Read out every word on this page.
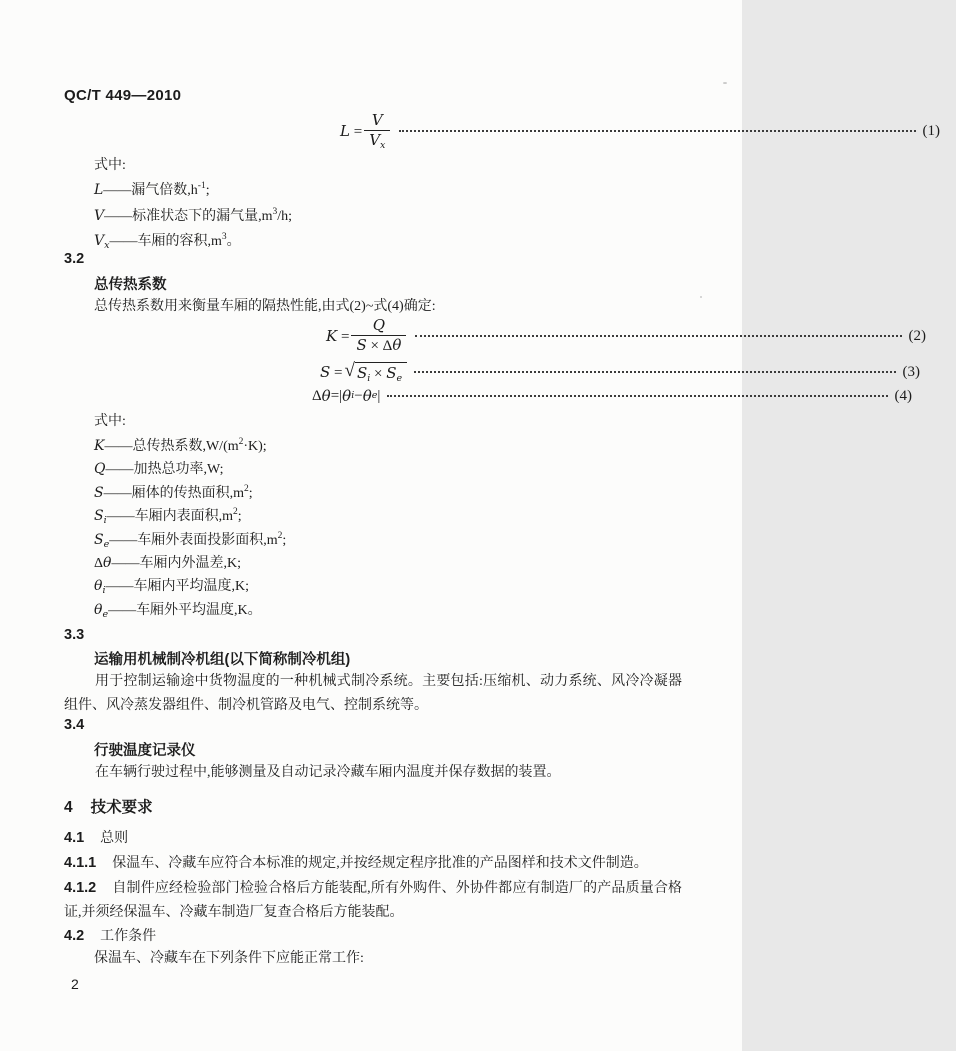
QC/T 449—2010
$L = \frac{V}{V_x}$	(1)
式中:
L——漏气倍数$,h^{-1}$;
V——标准状态下的漏气量$,m^3/h$;
$V_x——$车厢的容积$,m^3$。
3.2
总传热系数
总传热系数用来衡量车厢的隔热性能,由式(2)~式(4)确定:
$K = \frac{Q}{S \times \Delta\theta}$	(2)
S = √ $S_i \times S_e$	(3)
Δ θ =| θ i − θ e |	(4)
式中:
K——总传热系数$,W/(m^2\cdot K)$;
Q——加热总功率,W;
S——厢体的传热面积$,m^2$;
$S_i——$车厢内表面积$,m^2$;
$S_e——$车厢外表面投影面积$,m^2$;
Δθ——车厢内外温差,K;
$\theta_i——$车厢内平均温度,K;
$\theta_e——$车厢外平均温度,K。
3.3
运输用机械制冷机组(以下简称制冷机组)
用于控制运输途中货物温度的一种机械式制冷系统。主要包括:压缩机、动力系统、风冷冷凝器组件、风冷蒸发器组件、制冷机管路及电气、控制系统等。
3.4
行驶温度记录仪
在车辆行驶过程中,能够测量及自动记录冷藏车厢内温度并保存数据的装置。
4 技术要求
4.1 总则
4.1.1 保温车、冷藏车应符合本标准的规定,并按经规定程序批准的产品图样和技术文件制造。
4.1.2 自制件应经检验部门检验合格后方能装配,所有外购件、外协件都应有制造厂的产品质量合格证,并须经保温车、冷藏车制造厂复查合格后方能装配。
4.2 工作条件
保温车、冷藏车在下列条件下应能正常工作:
2
